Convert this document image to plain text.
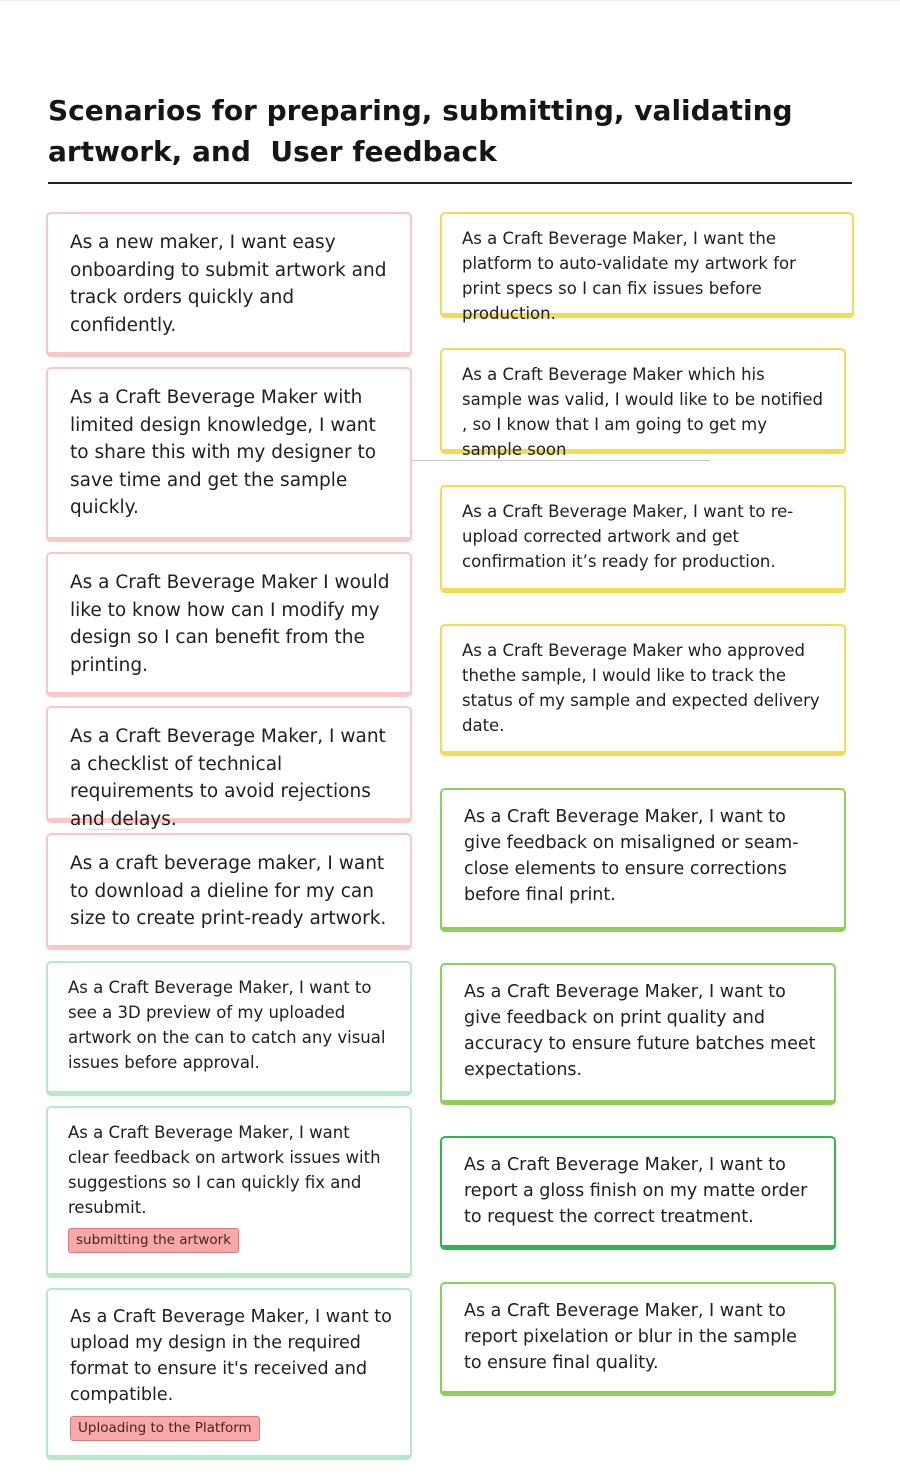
Scenarios for preparing, submitting, validating
artwork, and  User feedback
As a new maker, I want easy onboarding to submit artwork and track orders quickly and confidently.
As a Craft Beverage Maker with limited design knowledge, I want to share this with my designer to save time and get the sample quickly.
As a Craft Beverage Maker I would like to know how can I modify my design so I can benefit from the printing.
As a Craft Beverage Maker, I want a checklist of technical requirements to avoid rejections and delays.
As a craft beverage maker, I want to download a dieline for my can size to create print-ready artwork.
As a Craft Beverage Maker, I want to see a 3D preview of my uploaded artwork on the can to catch any visual issues before approval.
As a Craft Beverage Maker, I want clear feedback on artwork issues with suggestions so I can quickly fix and resubmit.
submitting the artwork
As a Craft Beverage Maker, I want to upload my design in the required format to ensure it's received and compatible.
Uploading to the Platform
As a Craft Beverage Maker, I want the platform to auto-validate my artwork for print specs so I can fix issues before production.
As a Craft Beverage Maker which his sample was valid, I would like to be notified , so I know that I am going to get my sample soon
As a Craft Beverage Maker, I want to re-upload corrected artwork and get confirmation it’s ready for production.
As a Craft Beverage Maker who approved thethe sample, I would like to track the status of my sample and expected delivery date.
As a Craft Beverage Maker, I want to give feedback on misaligned or seam-close elements to ensure corrections before final print.
As a Craft Beverage Maker, I want to give feedback on print quality and accuracy to ensure future batches meet expectations.
As a Craft Beverage Maker, I want to report a gloss finish on my matte order to request the correct treatment.
As a Craft Beverage Maker, I want to report pixelation or blur in the sample to ensure final quality.
